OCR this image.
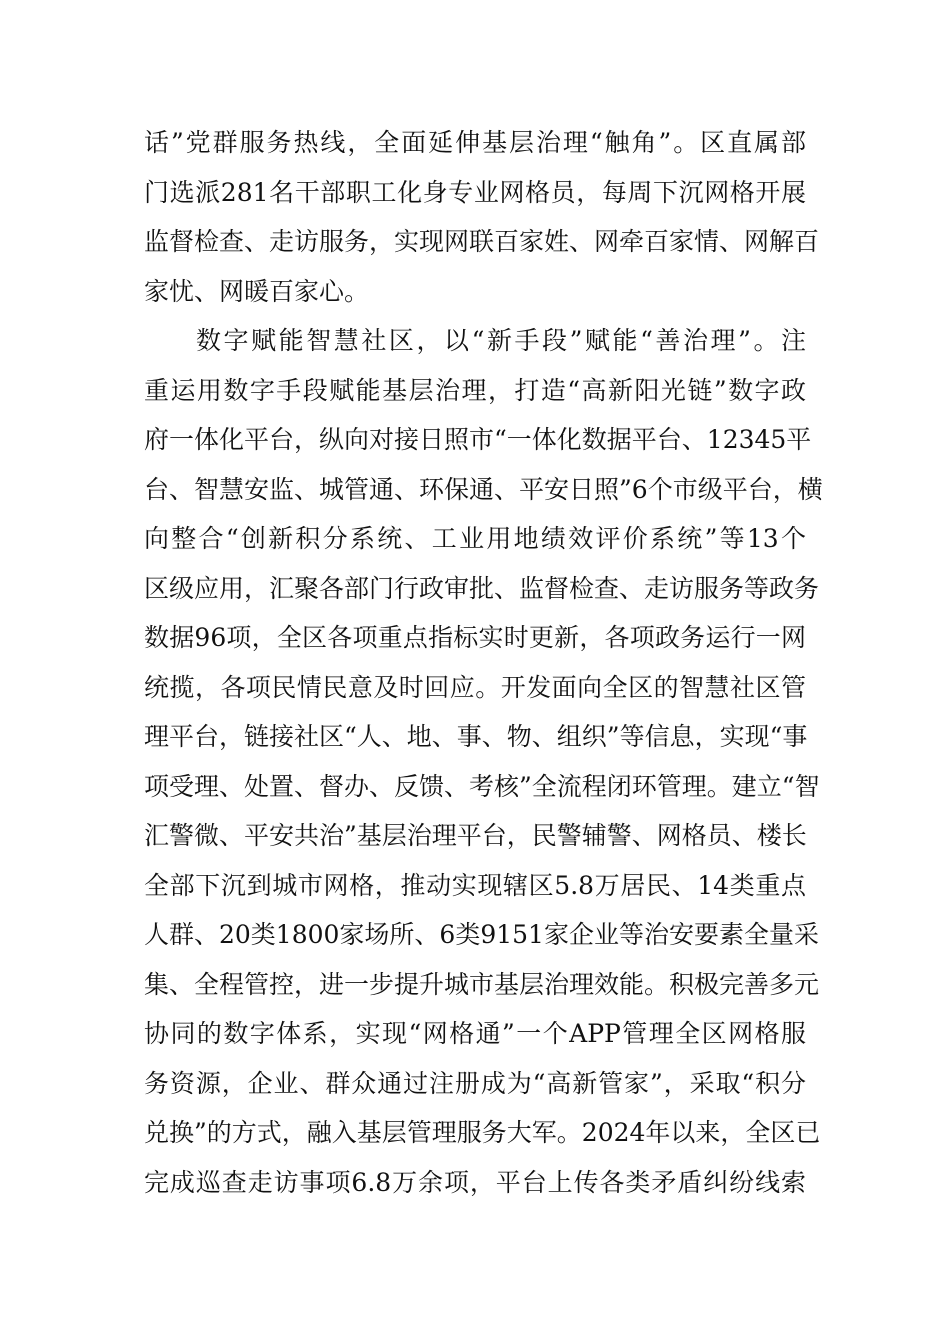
话”党群服务热线，全面延伸基层治理“触角”。区直属部
门选派281名干部职工化身专业网格员，每周下沉网格开展
监督检查、走访服务，实现网联百家姓、网牵百家情、网解百
家忧、网暖百家心。
数字赋能智慧社区，以“新手段”赋能“善治理”。注
重运用数字手段赋能基层治理，打造“高新阳光链”数字政
府一体化平台，纵向对接日照市“一体化数据平台、12345平
台、智慧安监、城管通、环保通、平安日照”6个市级平台，横
向整合“创新积分系统、工业用地绩效评价系统”等13个
区级应用，汇聚各部门行政审批、监督检查、走访服务等政务
数据96项，全区各项重点指标实时更新，各项政务运行一网
统揽，各项民情民意及时回应。开发面向全区的智慧社区管
理平台，链接社区“人、地、事、物、组织”等信息，实现“事
项受理、处置、督办、反馈、考核”全流程闭环管理。建立“智
汇警微、平安共治”基层治理平台，民警辅警、网格员、楼长
全部下沉到城市网格，推动实现辖区5.8万居民、14类重点
人群、20类1800家场所、6类9151家企业等治安要素全量采
集、全程管控，进一步提升城市基层治理效能。积极完善多元
协同的数字体系，实现“网格通”一个APP管理全区网格服
务资源，企业、群众通过注册成为“高新管家”，采取“积分
兑换”的方式，融入基层管理服务大军。2024年以来，全区已
完成巡查走访事项6.8万余项，平台上传各类矛盾纠纷线索
